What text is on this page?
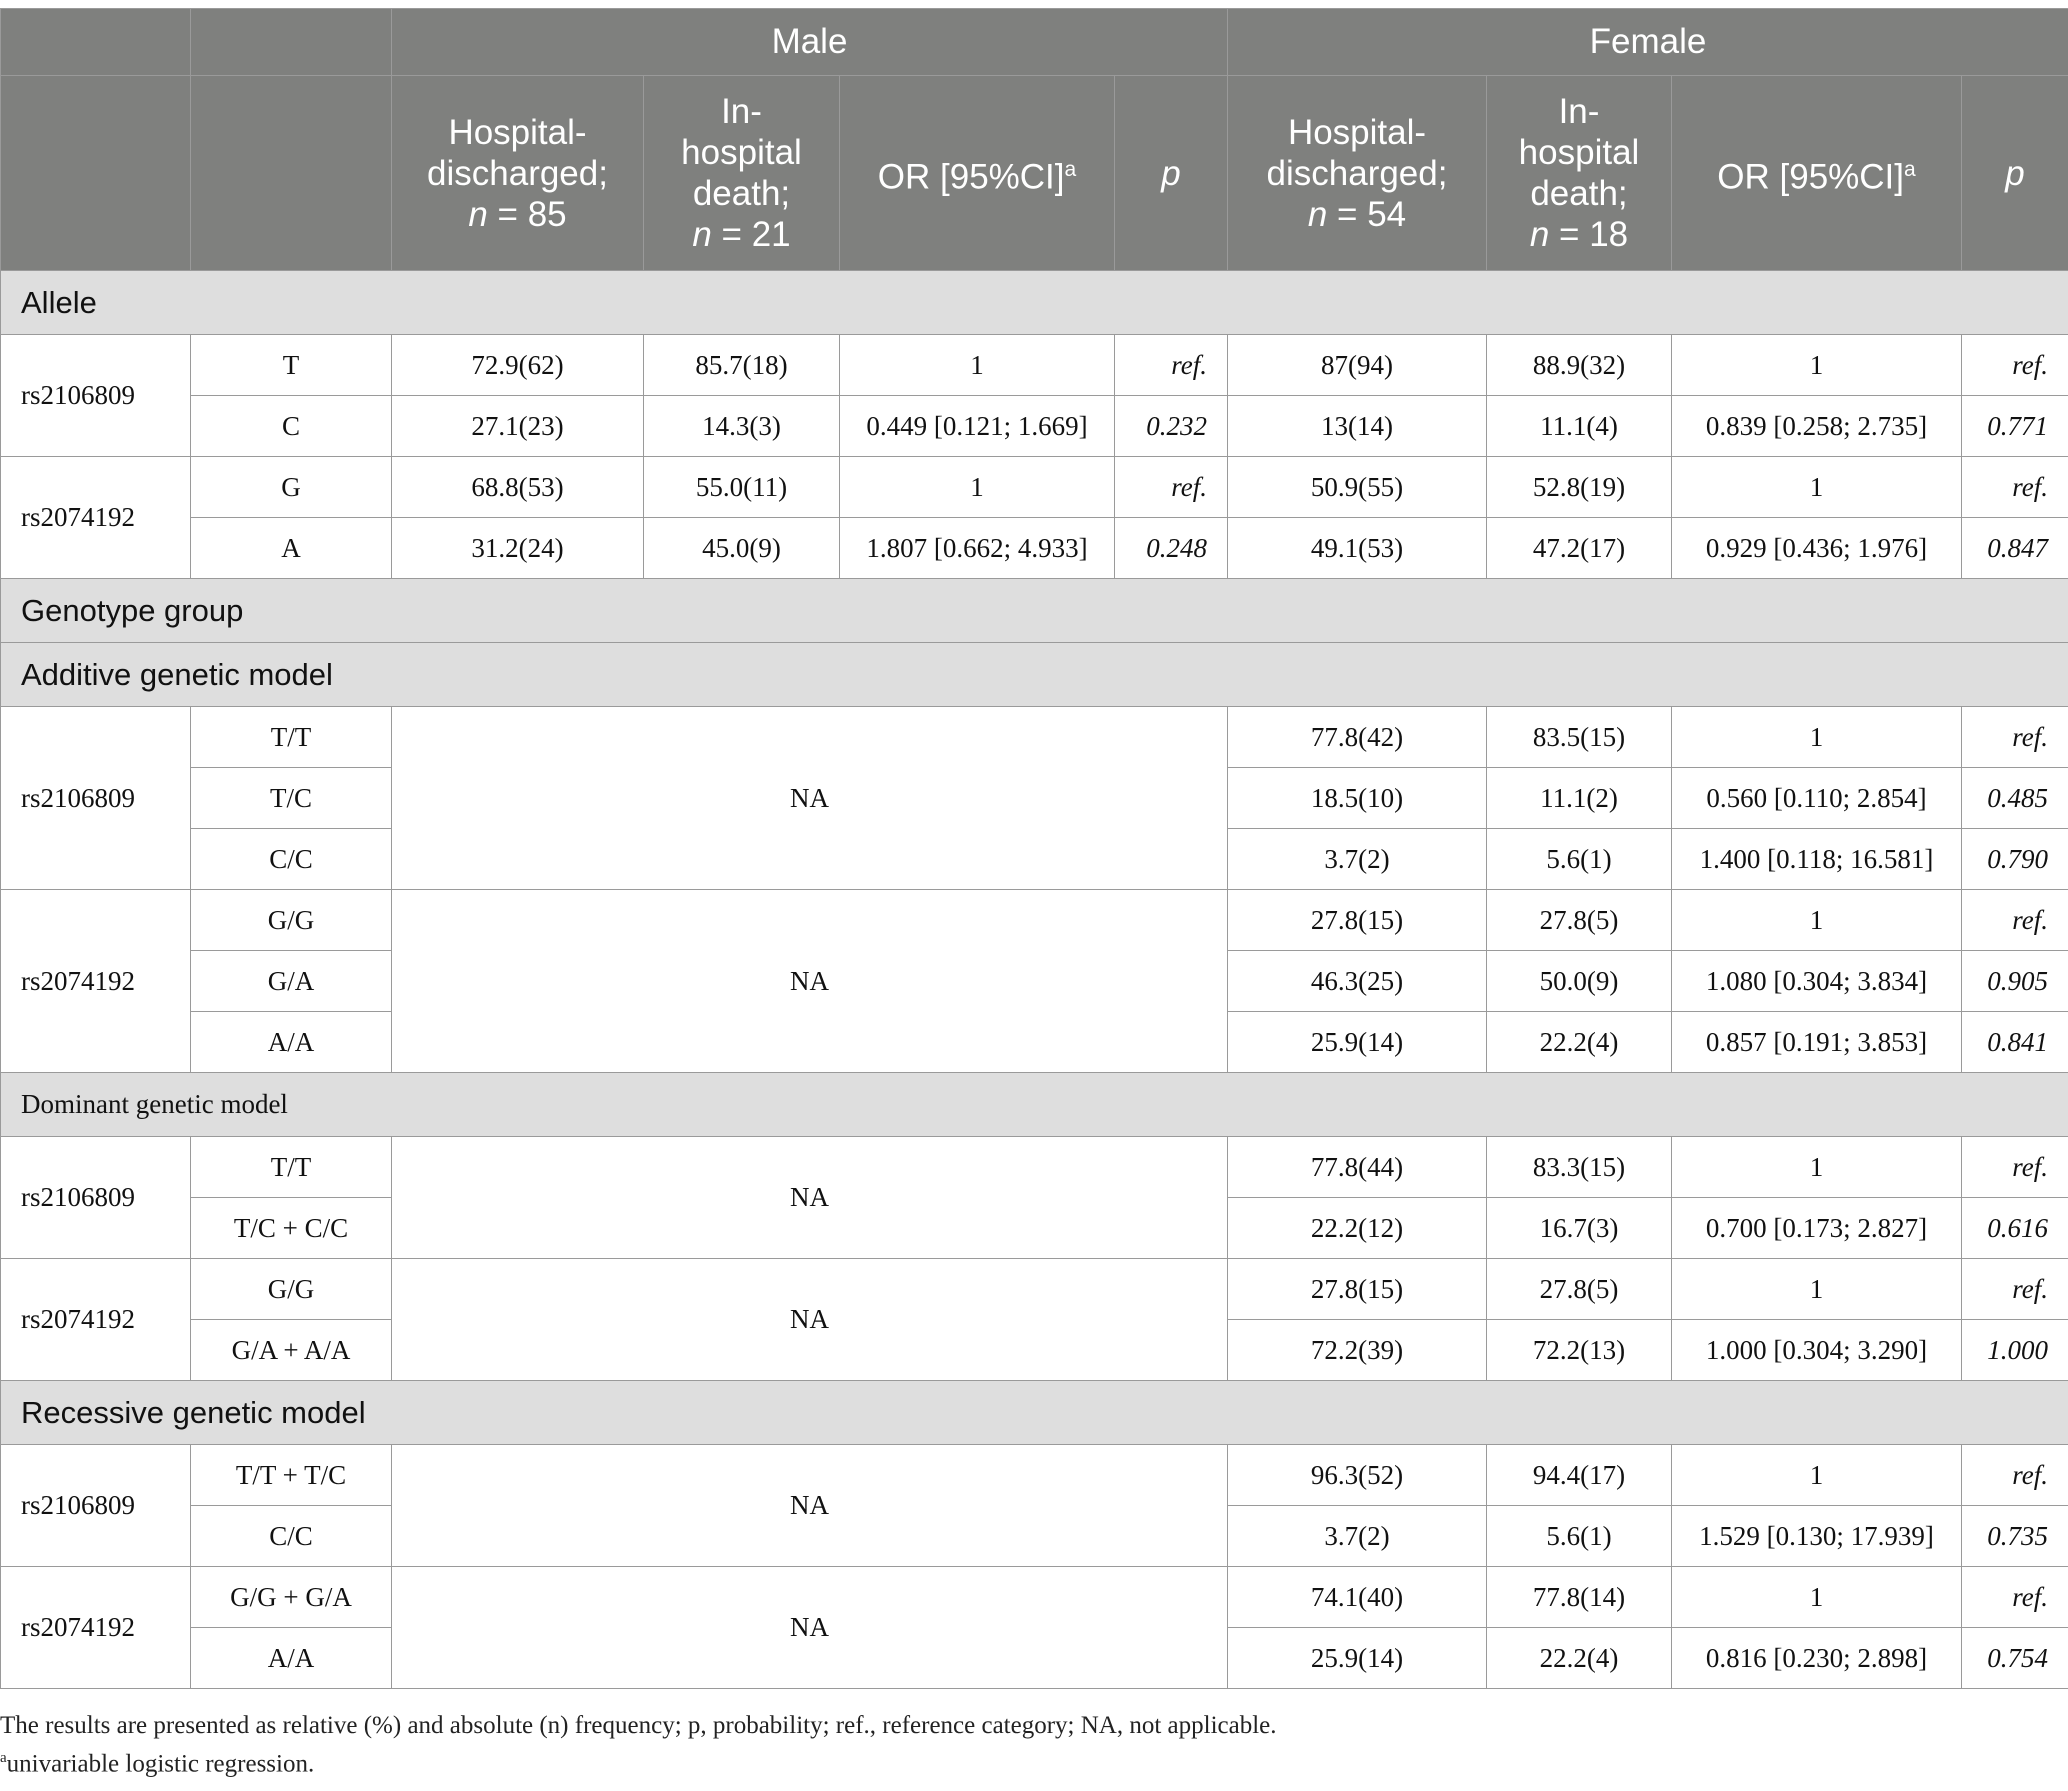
		Male				Female			
		Hospital-
discharged;
n = 85	In-
hospital
death;
n = 21	OR $[95\%CI]^a$	p	Hospital-
discharged;
n = 54	In-
hospital
death;
n = 18	OR $[95\%CI]^a$	p
Allele									
rs2106809	T	72.9(62)	85.7(18)	1	ref.	87(94)	88.9(32)	1	ref.
	C	27.1(23)	14.3(3)	0.449 [0.121; 1.669]	0.232	13(14)	11.1(4)	0.839 [0.258; 2.735]	0.771
rs2074192	G	68.8(53)	55.0(11)	1	ref.	50.9(55)	52.8(19)	1	ref.
	A	31.2(24)	45.0(9)	1.807 [0.662; 4.933]	0.248	49.1(53)	47.2(17)	0.929 [0.436; 1.976]	0.847
Genotype group									
Additive genetic model									
rs2106809	T/T	NA				77.8(42)	83.5(15)	1	ref.
	T/C					18.5(10)	11.1(2)	0.560 [0.110; 2.854]	0.485
	C/C					3.7(2)	5.6(1)	1.400 [0.118; 16.581]	0.790
rs2074192	G/G	NA				27.8(15)	27.8(5)	1	ref.
	G/A					46.3(25)	50.0(9)	1.080 [0.304; 3.834]	0.905
	A/A					25.9(14)	22.2(4)	0.857 [0.191; 3.853]	0.841
Dominant genetic model									
rs2106809	T/T	NA				77.8(44)	83.3(15)	1	ref.
	T/C + C/C					22.2(12)	16.7(3)	0.700 [0.173; 2.827]	0.616
rs2074192	G/G	NA				27.8(15)	27.8(5)	1	ref.
	G/A + A/A					72.2(39)	72.2(13)	1.000 [0.304; 3.290]	1.000
Recessive genetic model									
rs2106809	T/T + T/C	NA				96.3(52)	94.4(17)	1	ref.
	C/C					3.7(2)	5.6(1)	1.529 [0.130; 17.939]	0.735
rs2074192	G/G + G/A	NA				74.1(40)	77.8(14)	1	ref.
	A/A					25.9(14)	22.2(4)	0.816 [0.230; 2.898]	0.754
The results are presented as relative (%) and absolute (n) frequency; p, probability; ref., reference category; NA, not applicable.
$^a$univariable logistic regression.
